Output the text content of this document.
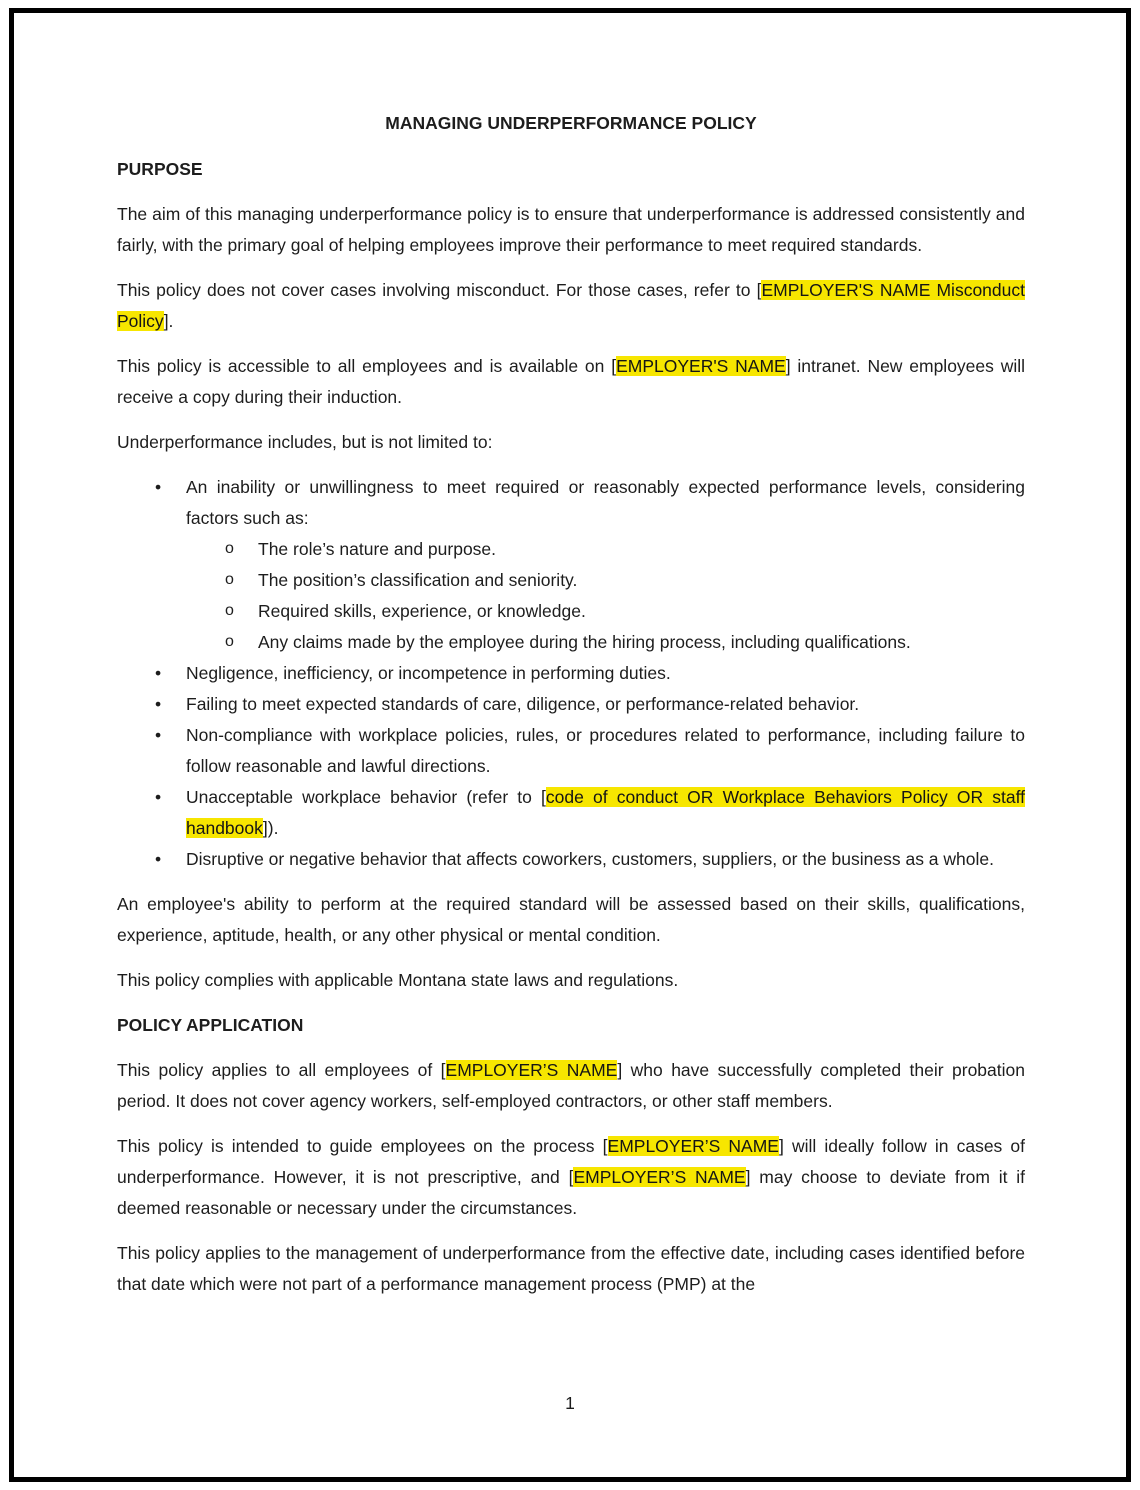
MANAGING UNDERPERFORMANCE POLICY
PURPOSE
The aim of this managing underperformance policy is to ensure that underperformance is addressed consistently and fairly, with the primary goal of helping employees improve their performance to meet required standards.
This policy does not cover cases involving misconduct. For those cases, refer to [EMPLOYER'S NAME Misconduct Policy].
This policy is accessible to all employees and is available on [EMPLOYER'S NAME] intranet. New employees will receive a copy during their induction.
Underperformance includes, but is not limited to:
• An inability or unwillingness to meet required or reasonably expected performance levels, considering factors such as:
o The role’s nature and purpose.
o The position’s classification and seniority.
o Required skills, experience, or knowledge.
o Any claims made by the employee during the hiring process, including qualifications.
• Negligence, inefficiency, or incompetence in performing duties.
• Failing to meet expected standards of care, diligence, or performance-related behavior.
• Non-compliance with workplace policies, rules, or procedures related to performance, including failure to follow reasonable and lawful directions.
• Unacceptable workplace behavior (refer to [code of conduct OR Workplace Behaviors Policy OR staff handbook]).
• Disruptive or negative behavior that affects coworkers, customers, suppliers, or the business as a whole.
An employee's ability to perform at the required standard will be assessed based on their skills, qualifications, experience, aptitude, health, or any other physical or mental condition.
This policy complies with applicable Montana state laws and regulations.
POLICY APPLICATION
This policy applies to all employees of [EMPLOYER’S NAME] who have successfully completed their probation period. It does not cover agency workers, self-employed contractors, or other staff members.
This policy is intended to guide employees on the process [EMPLOYER’S NAME] will ideally follow in cases of underperformance. However, it is not prescriptive, and [EMPLOYER’S NAME] may choose to deviate from it if deemed reasonable or necessary under the circumstances.
This policy applies to the management of underperformance from the effective date, including cases identified before that date which were not part of a performance management process (PMP) at the
1
